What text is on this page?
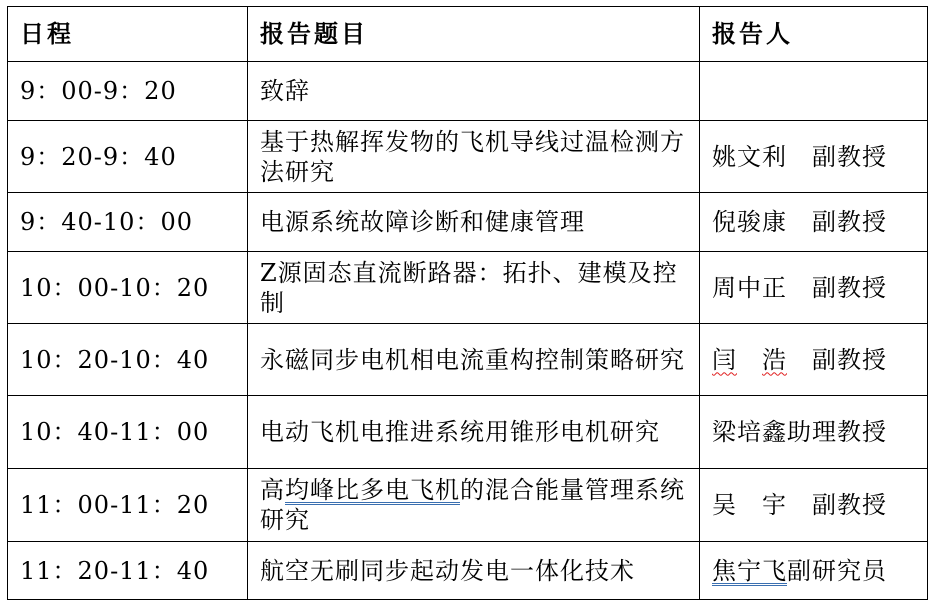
日程	报告题目	报告人
9：00-9：20	致辞	
9：20-9：40	基于热解挥发物的飞机导线过温检测方法研究	姚文利　副教授
9：40-10：00	电源系统故障诊断和健康管理	倪骏康　副教授
10：00-10：20	Z源固态直流断路器：拓扑、建模及控制	周中正　副教授
10：20-10：40	永磁同步电机相电流重构控制策略研究	闫　 浩　 副教授
10：40-11：00	电动飞机电推进系统用锥形电机研究	梁培鑫助理教授
11：00-11：20	高均峰比多电飞机的混合能量管理系统研究	吴　宇　副教授
11：20-11：40	航空无刷同步起动发电一体化技术	焦宁飞副研究员
